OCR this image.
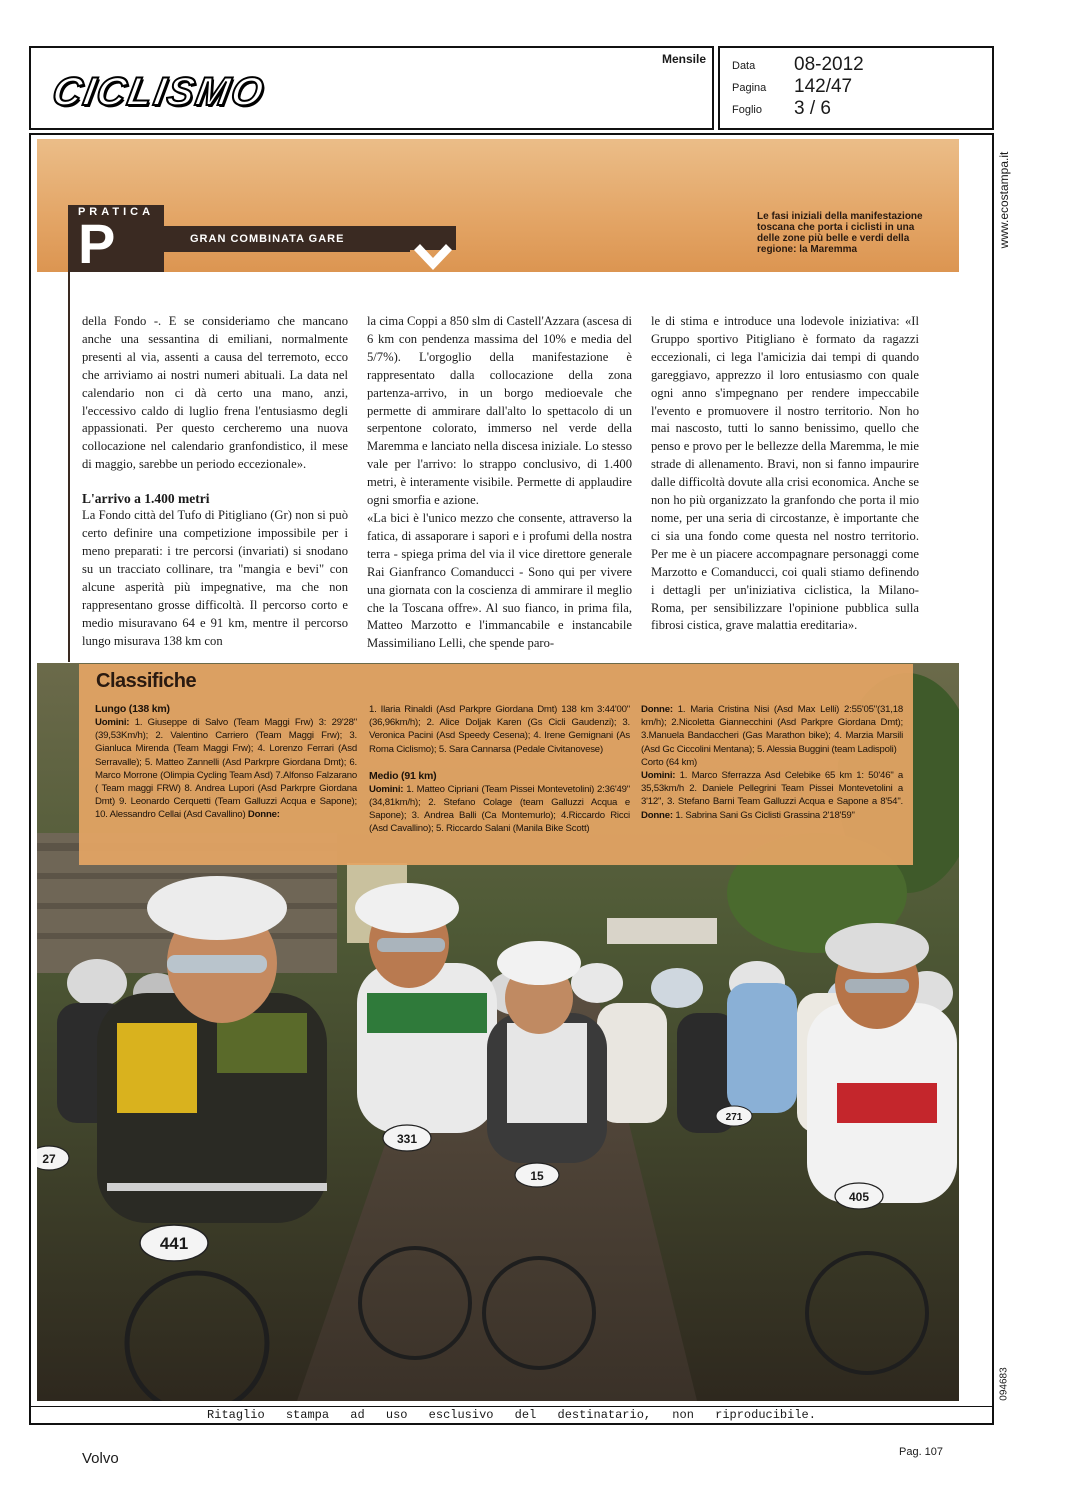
CICLISMO
Mensile Data 08-2012
Pagina 142/47
Foglio 3 / 6
www.ecostampa.it
094683
PRATICA
P	GRAN COMBINATA GARE
Le fasi iniziali della manifestazione toscana che porta i ciclisti in una delle zone più belle e verdi della regione: la Maremma

della Fondo -. E se consideriamo che mancano anche una sessantina di emiliani, normalmente presenti al via, assenti a causa del terremoto, ecco che arriviamo ai nostri numeri abituali. La data nel calendario non ci dà certo una mano, anzi, l'eccessivo caldo di luglio frena l'entusiasmo degli appassionati. Per questo cercheremo una nuova collocazione nel calendario granfondistico, il mese di maggio, sarebbe un periodo eccezionale».

L'arrivo a 1.400 metri

La Fondo città del Tufo di Pitigliano (Gr) non si può certo definire una competizione impossibile per i meno preparati: i tre percorsi (invariati) si snodano su un tracciato collinare, tra "mangia e bevi" con alcune asperità più impegnative, ma che non rappresentano grosse difficoltà. Il percorso corto e medio misuravano 64 e 91 km, mentre il percorso lungo misurava 138 km con

la cima Coppi a 850 slm di Castell'Azzara (ascesa di 6 km con pendenza massima del 10% e media del 5/7%). L'orgoglio della manifestazione è rappresentato dalla collocazione della zona partenza-arrivo, in un borgo medioevale che permette di ammirare dall'alto lo spettacolo di un serpentone colorato, immerso nel verde della Maremma e lanciato nella discesa iniziale. Lo stesso vale per l'arrivo: lo strappo conclusivo, di 1.400 metri, è interamente visibile. Permette di applaudire ogni smorfia e azione.

«La bici è l'unico mezzo che consente, attraverso la fatica, di assaporare i sapori e i profumi della nostra terra - spiega prima del via il vice direttore generale Rai Gianfranco Comanducci - Sono qui per vivere una giornata con la coscienza di ammirare il meglio che la Toscana offre». Al suo fianco, in prima fila, Matteo Marzotto e l'immancabile e instancabile Massimiliano Lelli, che spende paro-

le di stima e introduce una lodevole iniziativa: «Il Gruppo sportivo Pitigliano è formato da ragazzi eccezionali, ci lega l'amicizia dai tempi di quando gareggiavo, apprezzo il loro entusiasmo con quale ogni anno s'impegnano per rendere impeccabile l'evento e promuovere il nostro territorio. Non ho mai nascosto, tutti lo sanno benissimo, quello che penso e provo per le bellezze della Maremma, le mie strade di allenamento. Bravi, non si fanno impaurire dalle difficoltà dovute alla crisi economica. Anche se non ho più organizzato la granfondo che porta il mio nome, per una seria di circostanze, è importante che ci sia una fondo come questa nel nostro territorio. Per me è un piacere accompagnare personaggi come Marzotto e Comanducci, coi quali stiamo definendo i dettagli per un'iniziativa ciclistica, la Milano-Roma, per sensibilizzare l'opinione pubblica sulla fibrosi cistica, grave malattia ereditaria».

441
331
15
27
405
271
Classifiche
Lungo (138 km)
Uomini: 1. Giuseppe di Salvo (Team Maggi Frw) 3: 29'28" (39,53Km/h); 2. Valentino Carriero (Team Maggi Frw); 3. Gianluca Mirenda (Team Maggi Frw); 4. Lorenzo Ferrari (Asd Serravalle); 5. Matteo Zannelli (Asd Parkrpre Giordana Dmt); 6. Marco Morrone (Olimpia Cycling Team Asd) 7.Alfonso Falzarano ( Team maggi FRW) 8. Andrea Lupori (Asd Parkrpre Giordana Dmt) 9. Leonardo Cerquetti (Team Galluzzi Acqua e Sapone); 10. Alessandro Cellai (Asd Cavallino) Donne:
1. Ilaria Rinaldi (Asd Parkpre Giordana Dmt) 138 km 3:44'00" (36,96km/h); 2. Alice Doljak Karen (Gs Cicli Gaudenzi); 3. Veronica Pacini (Asd Speedy Cesena); 4. Irene Gemignani (As Roma Ciclismo); 5. Sara Cannarsa (Pedale Civitanovese)
Medio (91 km)
Uomini: 1. Matteo Cipriani (Team Pissei Montevetolini) 2:36'49" (34,81km/h); 2. Stefano Colage (team Galluzzi Acqua e Sapone); 3. Andrea Balli (Ca Montemurlo); 4.Riccardo Ricci (Asd Cavallino); 5. Riccardo Salani (Manila Bike Scott)
Donne: 1. Maria Cristina Nisi (Asd Max Lelli) 2:55'05"(31,18 km/h); 2.Nicoletta Giannecchini (Asd Parkpre Giordana Dmt); 3.Manuela Bandaccheri (Gas Marathon bike); 4. Marzia Marsili (Asd Gc Ciccolini Mentana); 5. Alessia Buggini (team Ladispoli)
Corto (64 km)
Uomini: 1. Marco Sferrazza Asd Celebike 65 km 1: 50'46" a 35,53km/h 2. Daniele Pellegrini Team Pissei Montevetolini a 3'12", 3. Stefano Barni Team Galluzzi Acqua e Sapone a 8'54". Donne: 1. Sabrina Sani Gs Ciclisti Grassina 2'18'59"
Ritaglio stampa ad uso esclusivo del destinatario, non riproducibile.
Volvo	Pag. 107
